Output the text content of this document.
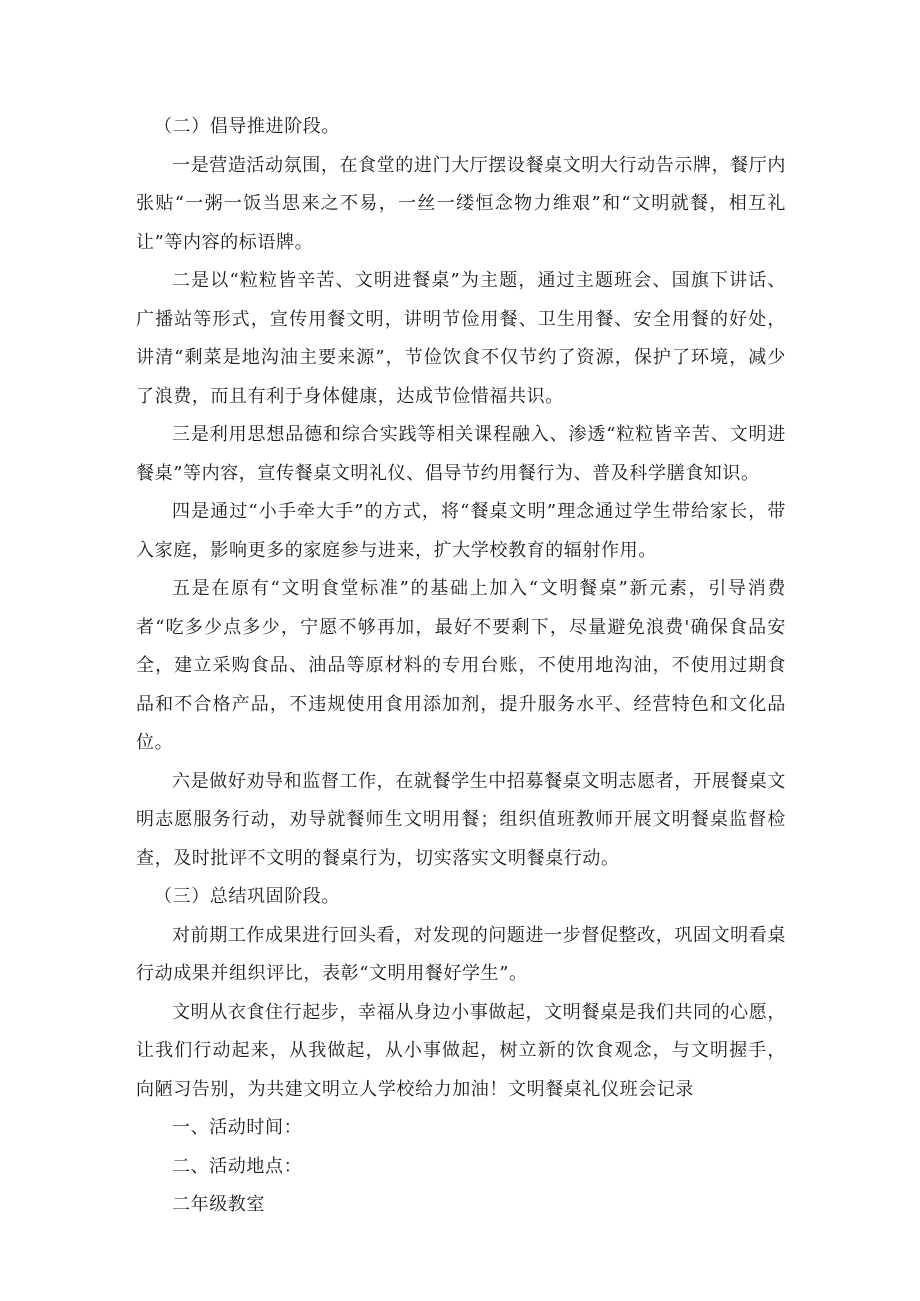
（二）倡导推进阶段。

一是营造活动氛围，在食堂的进门大厅摆设餐桌文明大行动告示牌，餐厅内张贴“一粥一饭当思来之不易，一丝一缕恒念物力维艰”和“文明就餐，相互礼让”等内容的标语牌。

二是以“粒粒皆辛苦、文明进餐桌”为主题，通过主题班会、国旗下讲话、广播站等形式，宣传用餐文明，讲明节俭用餐、卫生用餐、安全用餐的好处，讲清“剩菜是地沟油主要来源”，节俭饮食不仅节约了资源，保护了环境，减少了浪费，而且有利于身体健康，达成节俭惜福共识。

三是利用思想品德和综合实践等相关课程融入、渗透“粒粒皆辛苦、文明进餐桌”等内容，宣传餐桌文明礼仪、倡导节约用餐行为、普及科学膳食知识。

四是通过“小手牵大手”的方式，将“餐桌文明”理念通过学生带给家长，带入家庭，影响更多的家庭参与进来，扩大学校教育的辐射作用。

五是在原有“文明食堂标准”的基础上加入“文明餐桌”新元素，引导消费者“吃多少点多少，宁愿不够再加，最好不要剩下，尽量避免浪费'确保食品安全，建立采购食品、油品等原材料的专用台账，不使用地沟油，不使用过期食品和不合格产品，不违规使用食用添加剂，提升服务水平、经营特色和文化品位。

六是做好劝导和监督工作，在就餐学生中招募餐桌文明志愿者，开展餐桌文明志愿服务行动，劝导就餐师生文明用餐；组织值班教师开展文明餐桌监督检查，及时批评不文明的餐桌行为，切实落实文明餐桌行动。

（三）总结巩固阶段。

对前期工作成果进行回头看，对发现的问题进一步督促整改，巩固文明看桌行动成果并组织评比，表彰“文明用餐好学生”。

文明从衣食住行起步，幸福从身边小事做起，文明餐桌是我们共同的心愿，让我们行动起来，从我做起，从小事做起，树立新的饮食观念，与文明握手，向陋习告别，为共建文明立人学校给力加油！文明餐桌礼仪班会记录

一、活动时间：

二、活动地点：

二年级教室
